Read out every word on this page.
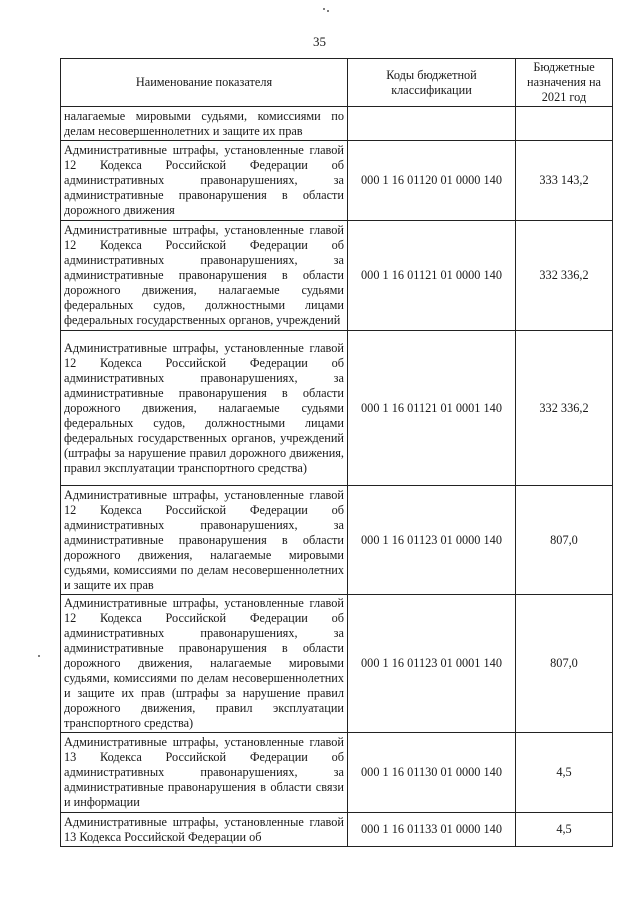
35
Наименование показателя	Коды бюджетной классификации	Бюджетные назначения на 2021 год
налагаемые мировыми судьями, комиссиями по делам несовершеннолетних и защите их прав		
Административные штрафы, установленные главой 12 Кодекса Российской Федерации об административных правонарушениях, за административные правонарушения в области дорожного движения	000 1 16 01120 01 0000 140	333 143,2
Административные штрафы, установленные главой 12 Кодекса Российской Федерации об административных правонарушениях, за административные правонарушения в области дорожного движения, налагаемые судьями федеральных судов, должностными лицами федеральных государственных органов, учреждений	000 1 16 01121 01 0000 140	332 336,2
Административные штрафы, установленные главой 12 Кодекса Российской Федерации об административных правонарушениях, за административные правонарушения в области дорожного движения, налагаемые судьями федеральных судов, должностными лицами федеральных государственных органов, учреждений (штрафы за нарушение правил дорожного движения, правил эксплуатации транспортного средства)	000 1 16 01121 01 0001 140	332 336,2
Административные штрафы, установленные главой 12 Кодекса Российской Федерации об административных правонарушениях, за административные правонарушения в области дорожного движения, налагаемые мировыми судьями, комиссиями по делам несовершеннолетних и защите их прав	000 1 16 01123 01 0000 140	807,0
Административные штрафы, установленные главой 12 Кодекса Российской Федерации об административных правонарушениях, за административные правонарушения в области дорожного движения, налагаемые мировыми судьями, комиссиями по делам несовершеннолетних и защите их прав (штрафы за нарушение правил дорожного движения, правил эксплуатации транспортного средства)	000 1 16 01123 01 0001 140	807,0
Административные штрафы, установленные главой 13 Кодекса Российской Федерации об административных правонарушениях, за административные правонарушения в области связи и информации	000 1 16 01130 01 0000 140	4,5
Административные штрафы, установленные главой 13 Кодекса Российской Федерации об	000 1 16 01133 01 0000 140	4,5
